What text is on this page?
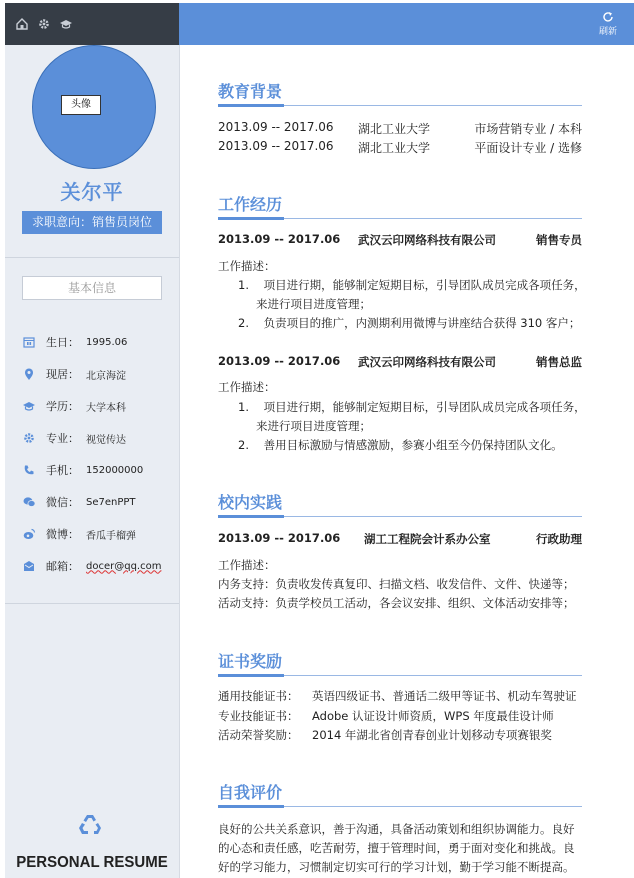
头像
关尔平
求职意向：销售员岗位
基本信息
生日： 1995.06
现居： 北京海淀
学历： 大学本科
专业： 视觉传达
手机： 152000000
微信： Se7enPPT
微博： 香瓜手榴弹
邮箱： docer@qq.com
PERSONAL RESUME
刷新
教育背景
2013.09 -- 2017.06 湖北工业大学	市场营销专业 / 本科
2013.09 -- 2017.06 湖北工业大学	平面设计专业 / 选修
工作经历
2013.09 -- 2017.06 武汉云印网络科技有限公司	销售专员
工作描述：
1.    项目进行期，能够制定短期目标，引导团队成员完成各项任务，
来进行项目进度管理；
2.    负责项目的推广，内测期利用微博与讲座结合获得 310 客户；
2013.09 -- 2017.06 武汉云印网络科技有限公司	销售总监
工作描述：
1.    项目进行期，能够制定短期目标，引导团队成员完成各项任务，
来进行项目进度管理；
2.    善用目标激励与情感激励，参赛小组至今仍保持团队文化。
校内实践
2013.09 -- 2017.06 湖工工程院会计系办公室	行政助理
工作描述：
内务支持：负责收发传真复印、扫描文档、收发信件、文件、快递等；
活动支持：负责学校员工活动，各会议安排、组织、文体活动安排等；
证书奖励
通用技能证书： 英语四级证书、普通话二级甲等证书、机动车驾驶证
专业技能证书： Adobe 认证设计师资质，WPS 年度最佳设计师
活动荣誉奖励： 2014 年湖北省创青春创业计划移动专项赛银奖
自我评价
良好的公共关系意识，善于沟通，具备活动策划和组织协调能力。良好
的心态和责任感，吃苦耐劳，擅于管理时间，勇于面对变化和挑战。良
好的学习能力，习惯制定切实可行的学习计划，勤于学习能不断提高。
